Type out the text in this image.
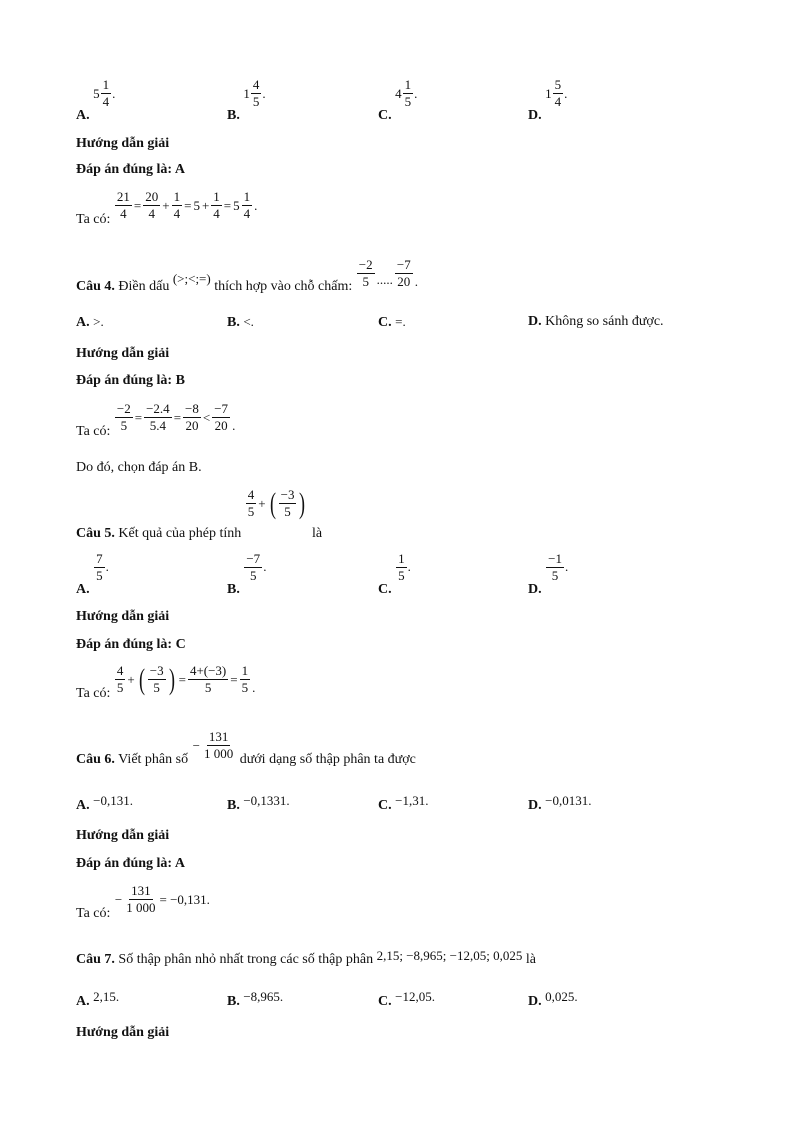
A.
5
1
4
.
B.
1
4
5
.
C.
4
1
5
.
D.
1
5
4
.
Hướng dẫn giải
Đáp án đúng là: A
Ta có: $\frac{21}{4} = \frac{20}{4} + \frac{1}{4} = 5 + \frac{1}{4} = 5$
1
4
.
Câu 4. Điền dấu (>;<;=) thích hợp vào chỗ chấm:
−2
5 .....
−7
20 .
A. >.	B. <.	C. =.	D. Không so sánh được.
Hướng dẫn giải
Đáp án đúng là: B
Ta có: $\frac{-2}{5} = \frac{-2.4}{5.4} = \frac{-8}{20}$ <
−7
20 .
Do đó, chọn đáp án B.
Câu 5. Kết quả của phép tính
4
5
+ ( −3
5 )
là
A.
$\frac{7}{5}$ .
B.
$\frac{-7}{5}$ .
C.
$\frac{1}{5}$ .
D.
$\frac{-1}{5}$ .
Hướng dẫn giải
Đáp án đúng là: C
Ta có:
4
5
+ ( −3
5 ) = $\frac{4+(-3)}{5} = \frac{1}{5}$ .
Câu 6. Viết phân số
− $\frac{131}{1 000}$ dưới dạng số thập phân ta được
A. −0,131.	B. −0,1331.	C. −1,31.	D. −0,0131.
Hướng dẫn giải
Đáp án đúng là: A
Ta có:
− $\frac{131}{1 000} = -0,131$.
Câu 7. Số thập phân nhỏ nhất trong các số thập phân 2,15; −8,965; −12,05; 0,025 là
A. 2,15.	B. −8,965.	C. −12,05.	D. 0,025.
Hướng dẫn giải
